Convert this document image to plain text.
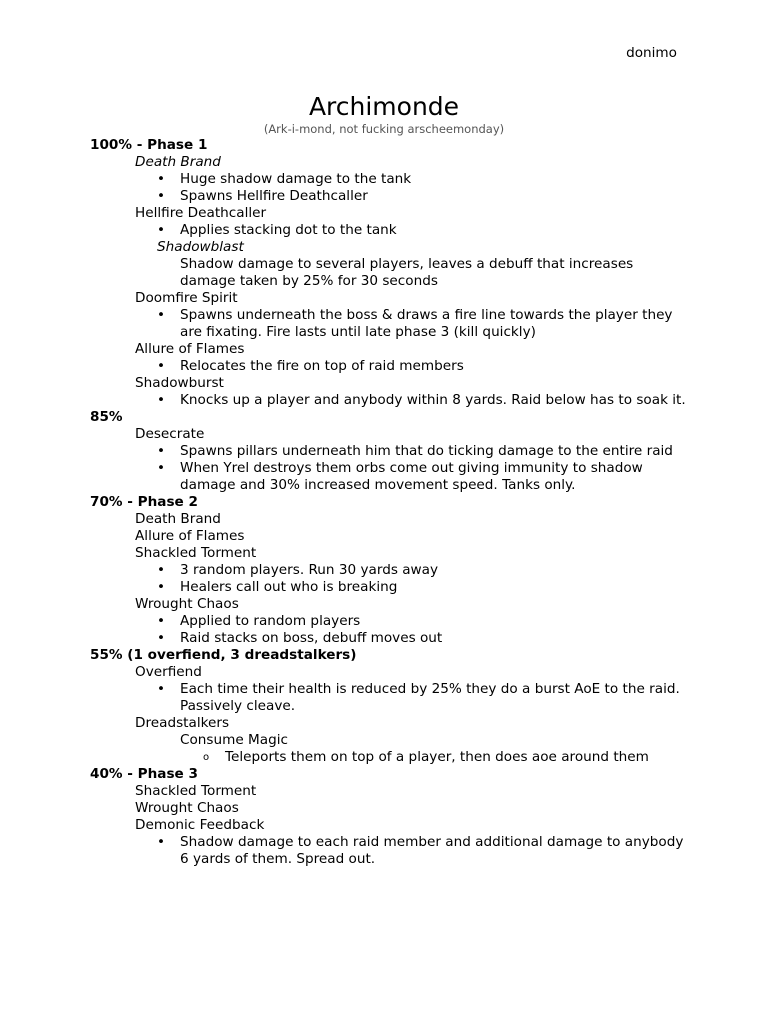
donimo
Archimonde
(Ark-i-mond, not fucking arscheemonday)
100% - Phase 1
Death Brand
• Huge shadow damage to the tank
• Spawns Hellfire Deathcaller
Hellfire Deathcaller
• Applies stacking dot to the tank
Shadowblast
Shadow damage to several players, leaves a debuff that increases damage taken by 25% for 30 seconds
Doomfire Spirit
• Spawns underneath the boss & draws a fire line towards the player they are fixating. Fire lasts until late phase 3 (kill quickly)
Allure of Flames
• Relocates the fire on top of raid members
Shadowburst
• Knocks up a player and anybody within 8 yards. Raid below has to soak it.
85%
Desecrate
• Spawns pillars underneath him that do ticking damage to the entire raid
• When Yrel destroys them orbs come out giving immunity to shadow damage and 30% increased movement speed. Tanks only.
70% - Phase 2
Death Brand
Allure of Flames
Shackled Torment
• 3 random players. Run 30 yards away
• Healers call out who is breaking
Wrought Chaos
• Applied to random players
• Raid stacks on boss, debuff moves out
55% (1 overfiend, 3 dreadstalkers)
Overfiend
• Each time their health is reduced by 25% they do a burst AoE to the raid. Passively cleave.
Dreadstalkers
Consume Magic
o Teleports them on top of a player, then does aoe around them
40% - Phase 3
Shackled Torment
Wrought Chaos
Demonic Feedback
• Shadow damage to each raid member and additional damage to anybody 6 yards of them. Spread out.
